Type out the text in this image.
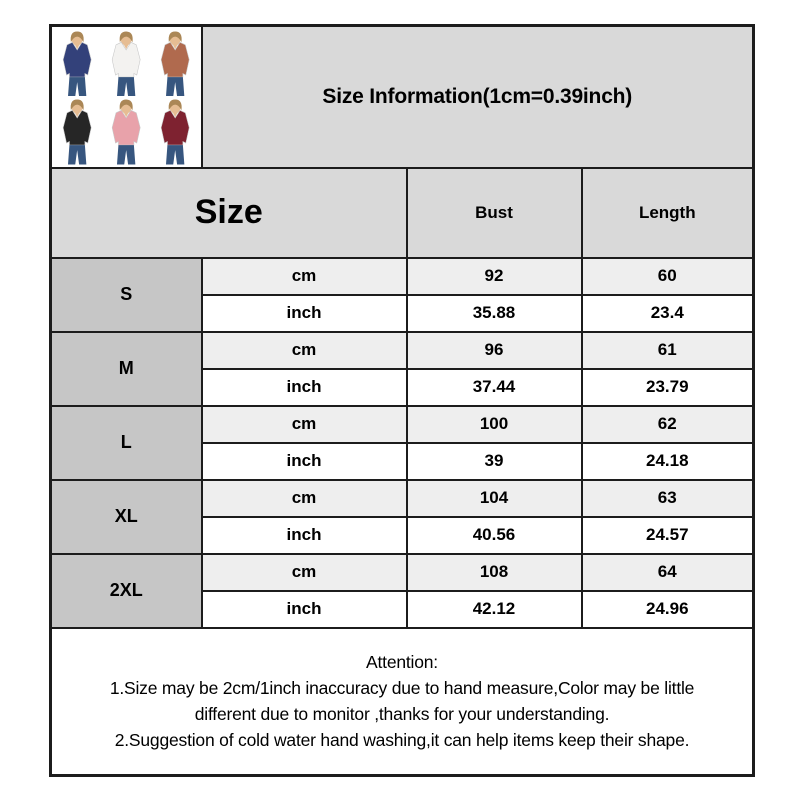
	Size Information(1cm=0.39inch)		
Size		Bust	Length
S	cm	92	60
	inch	35.88	23.4
M	cm	96	61
	inch	37.44	23.79
L	cm	100	62
	inch	39	24.18
XL	cm	104	63
	inch	40.56	24.57
2XL	cm	108	64
	inch	42.12	24.96

Attention:
1.Size may be 2cm/1inch inaccuracy due to hand measure,Color may be little
different due to monitor ,thanks for your understanding.
2.Suggestion of cold water hand washing,it can help items keep their shape.			
